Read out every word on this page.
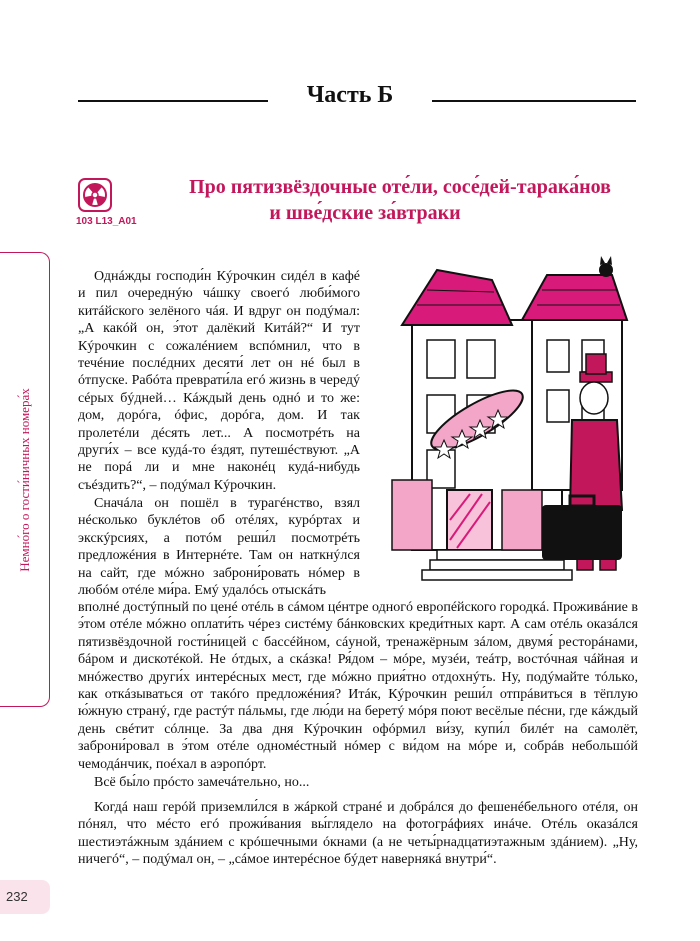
Часть Б
103 L13_A01
Про пятизвёздочные оте́ли, сосе́дей-тарака́нов
и шве́дские за́втраки
Немно́го о гости́ничных номера́х

Однáжды господи́н Кýрочкин сидéл в кафé и пил очереднýю чáшку своегó люби́мого китáйского зелёного чáя. И вдруг он подýмал: „А какóй он, э́тот далёкий Китáй?“ И тут Кýрочкин с сожалéнием вспóмнил, что в течéние послéдних десяти́ лет он нé был в óтпуске. Рабóта преврати́ла егó жизнь в чередý сéрых бýдней… Кáждый день однó и то же: дом, дорóга, óфис, дорóга, дом. И так пролетéли дéсять лет... А посмотрéть на други́х – все кудá-то éздят, путешéствуют. „А не порá ли и мне наконéц кудá-нибудь съéздить?“, – подýмал Кýрочкин.

Сначáла он пошёл в турагéнство, взял нéсколько буклéтов об отéлях, курóртах и экскýрсиях, а потóм реши́л посмотрéть предложéния в Интернéте. Там он наткнýлся на сайт, где мóжно заброни́ровать нóмер в любóм отéле ми́ра. Емý удалóсь отыскáть

вполнé достýпный по ценé отéль в сáмом цéнтре одногó европéйского городкá. Проживáние в э́том отéле мóжно оплати́ть чéрез систéму бáнковских креди́тных карт. А сам отéль оказáлся пятизвёздочной гости́ницей с бассéйном, сáуной, тренажёрным зáлом, двумя́ ресторáнами, бáром и дискотéкой. Не óтдых, а скáзка! Ря́дом – мóре, музéи, теáтр, востóчная чáйная и мнóжество други́х интерéсных мест, где мóжно прия́тно отдохнýть. Ну, подýмайте тóлько, как откáзываться от такóго предложéния? Итáк, Кýрочкин реши́л отпрáвиться в тёплую ю́жную странý, где растýт пáльмы, где лю́ди на беретý мóря поют весёлые пéсни, где кáждый день свéтит сóлнце. За два дня Кýрочкин офóрмил ви́зу, купи́л билéт на самолёт, заброни́ровал в э́том отéле одномéстный нóмер с ви́дом на мóре и, собрáв небольшóй чемодáнчик, поéхал в аэропóрт.

Всё бы́ло прóсто замечáтельно, но...

Когдá наш герóй приземли́лся в жáркой странé и добрáлся до фешенéбельного отéля, он пóнял, что мéсто егó прожи́вания вы́глядело на фотогрáфиях инáче. Отéль оказáлся шестиэтáжным здáнием с крóшечными óкнами (а не четы́рнадцатиэтажным здáнием). „Ну, ничегó“, – подýмал он, – „сáмое интерéсное бýдет навернякá внутри́“.

232
